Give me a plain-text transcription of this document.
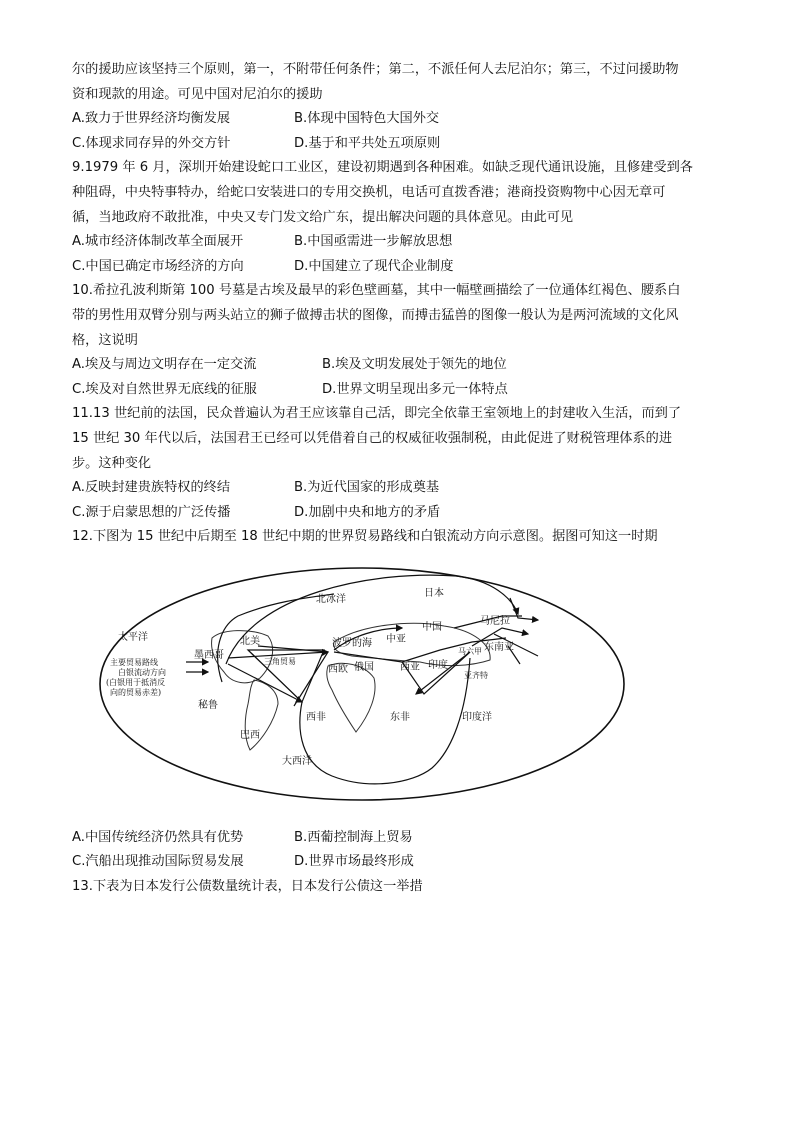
尔的援助应该坚持三个原则，第一，不附带任何条件；第二，不派任何人去尼泊尔；第三，不过问援助物
资和现款的用途。可见中国对尼泊尔的援助
A.致力于世界经济均衡发展	B.体现中国特色大国外交
C.体现求同存异的外交方针	D.基于和平共处五项原则
9.1979 年 6 月，深圳开始建设蛇口工业区，建设初期遇到各种困难。如缺乏现代通讯设施，且修建受到各
种阻碍，中央特事特办，给蛇口安装进口的专用交换机，电话可直拨香港；港商投资购物中心因无章可
循，当地政府不敢批准，中央又专门发文给广东，提出解决问题的具体意见。由此可见
A.城市经济体制改革全面展开	B.中国亟需进一步解放思想
C.中国已确定市场经济的方向	D.中国建立了现代企业制度
10.希拉孔波利斯第 100 号墓是古埃及最早的彩色壁画墓，其中一幅壁画描绘了一位通体红褐色、腰系白
带的男性用双臂分别与两头站立的狮子做搏击状的图像，而搏击猛兽的图像一般认为是两河流域的文化风
格，这说明
A.埃及与周边文明存在一定交流	B.埃及文明发展处于领先的地位
C.埃及对自然世界无底线的征服	D.世界文明呈现出多元一体特点
11.13 世纪前的法国，民众普遍认为君王应该靠自己活，即完全依靠王室领地上的封建收入生活，而到了
15 世纪 30 年代以后，法国君王已经可以凭借着自己的权威征收强制税，由此促进了财税管理体系的进
步。这种变化
A.反映封建贵族特权的终结	B.为近代国家的形成奠基
C.源于启蒙思想的广泛传播	D.加剧中央和地方的矛盾
12.下图为 15 世纪中后期至 18 世纪中期的世界贸易路线和白银流动方向示意图。据图可知这一时期
主要贸易路线
白银流动方向
(白银用于抵消反
向的贸易赤差)
北冰洋
太平洋
大西洋
印度洋
日本
中国
马尼拉
东南亚
马六甲
亚齐特
印度
西亚
中亚
俄国
波罗的海
西欧
东非
西非
北美
墨西哥
秘鲁
巴西
三角贸易
A.中国传统经济仍然具有优势	B.西葡控制海上贸易
C.汽船出现推动国际贸易发展	D.世界市场最终形成
13.下表为日本发行公债数量统计表，日本发行公债这一举措
